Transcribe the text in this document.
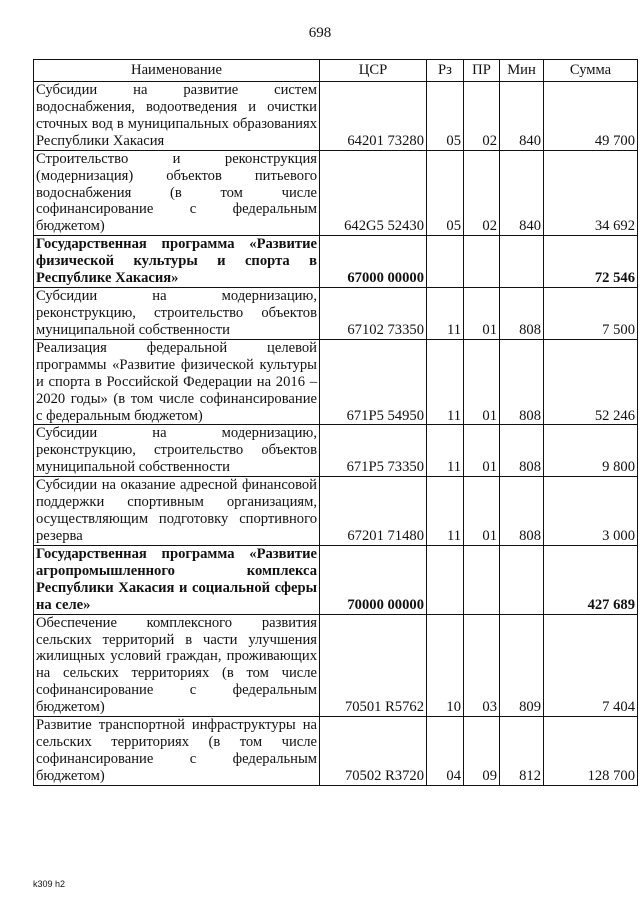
698
Наименование	ЦСР	Рз	ПР	Мин	Сумма
Субсидии на развитие систем водоснабжения, водоотведения и очистки сточных вод в муниципальных образованиях Республики Хакасия	64201 73280	05	02	840	49 700
Строительство и реконструкция (модернизация) объектов питьевого водоснабжения (в том числе софинансирование с федеральным бюджетом)	642G5 52430	05	02	840	34 692
Государственная программа «Развитие физической культуры и спорта в Республике Хакасия»	67000 00000				72 546
Субсидии на модернизацию, реконструкцию, строительство объектов муниципальной собственности	67102 73350	11	01	808	7 500
Реализация федеральной целевой программы «Развитие физической культуры и спорта в Российской Федерации на 2016 – 2020 годы» (в том числе софинансирование с федеральным бюджетом)	671P5 54950	11	01	808	52 246
Субсидии на модернизацию, реконструкцию, строительство объектов муниципальной собственности	671P5 73350	11	01	808	9 800
Субсидии на оказание адресной финансовой поддержки спортивным организациям, осуществляющим подготовку спортивного резерва	67201 71480	11	01	808	3 000
Государственная программа «Развитие агропромышленного комплекса Республики Хакасия и социальной сферы на селе»	70000 00000				427 689
Обеспечение комплексного развития сельских территорий в части улучшения жилищных условий граждан, проживающих на сельских территориях (в том числе софинансирование с федеральным бюджетом)	70501 R5762	10	03	809	7 404
Развитие транспортной инфраструктуры на сельских территориях (в том числе софинансирование с федеральным бюджетом)	70502 R3720	04	09	812	128 700
k309 h2
